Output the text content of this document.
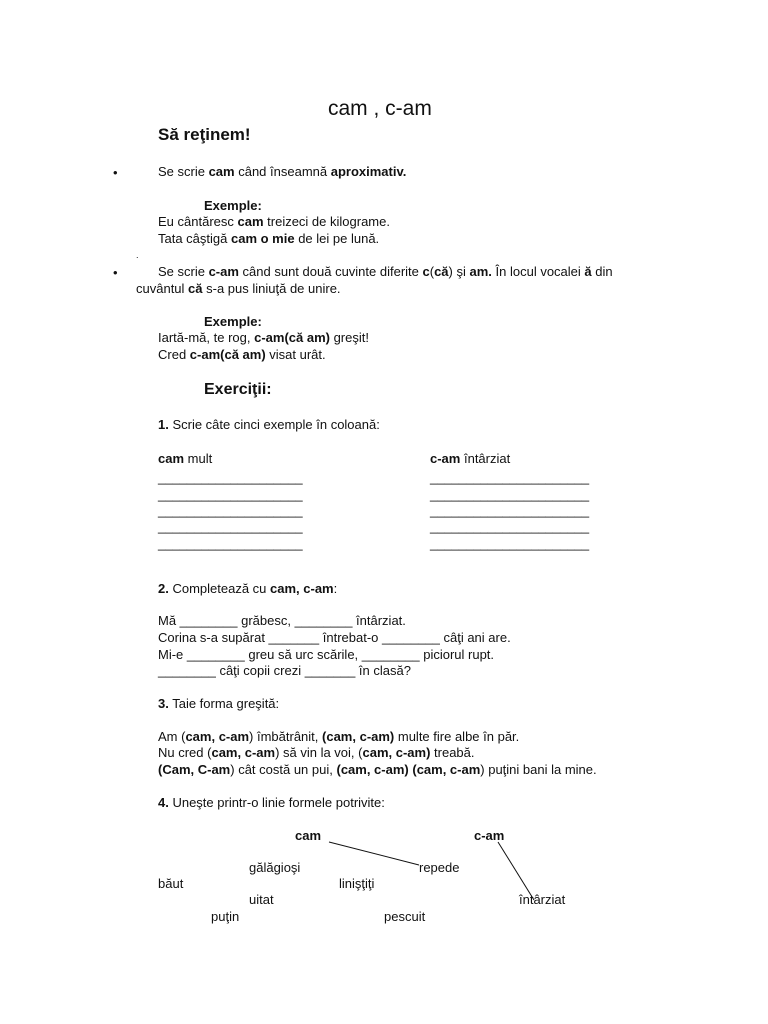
cam , c-am
Să reţinem!
•	Se scrie cam când înseamnă aproximativ.
Exemple:
Eu cântăresc cam treizeci de kilograme.
Tata câştigă cam o mie de lei pe lună.
.
•	Se scrie c-am când sunt două cuvinte diferite c(că) şi am. În locul vocalei ă din
cuvântul că s-a pus liniuţă de unire.
Exemple:
Iartă-mă, te rog, c-am(că am) greşit!
Cred c-am(că am) visat urât.
Exerciţii:
1. Scrie câte cinci exemple în coloană:
cam mult	c-am întârziat
____________________
____________________
____________________
____________________
____________________
______________________
______________________
______________________
______________________
______________________
2. Completează cu cam, c-am:
Mă ________ grăbesc, ________ întârziat.
Corina s-a supărat _______ întrebat-o ________ câţi ani are.
Mi-e ________ greu să urc scările, ________ piciorul rupt.
________ câţi copii crezi _______ în clasă?
3. Taie forma greşită:
Am (cam, c-am) îmbătrânit, (cam, c-am) multe fire albe în păr.
Nu cred (cam, c-am) să vin la voi, (cam, c-am) treabă.
(Cam, C-am) cât costă un pui, (cam, c-am) (cam, c-am) puţini bani la mine.
4. Uneşte printr-o linie formele potrivite:
cam	c-am
gălăgioşi	repede
băut	linişţiţi
uitat	întârziat
puţin	pescuit
